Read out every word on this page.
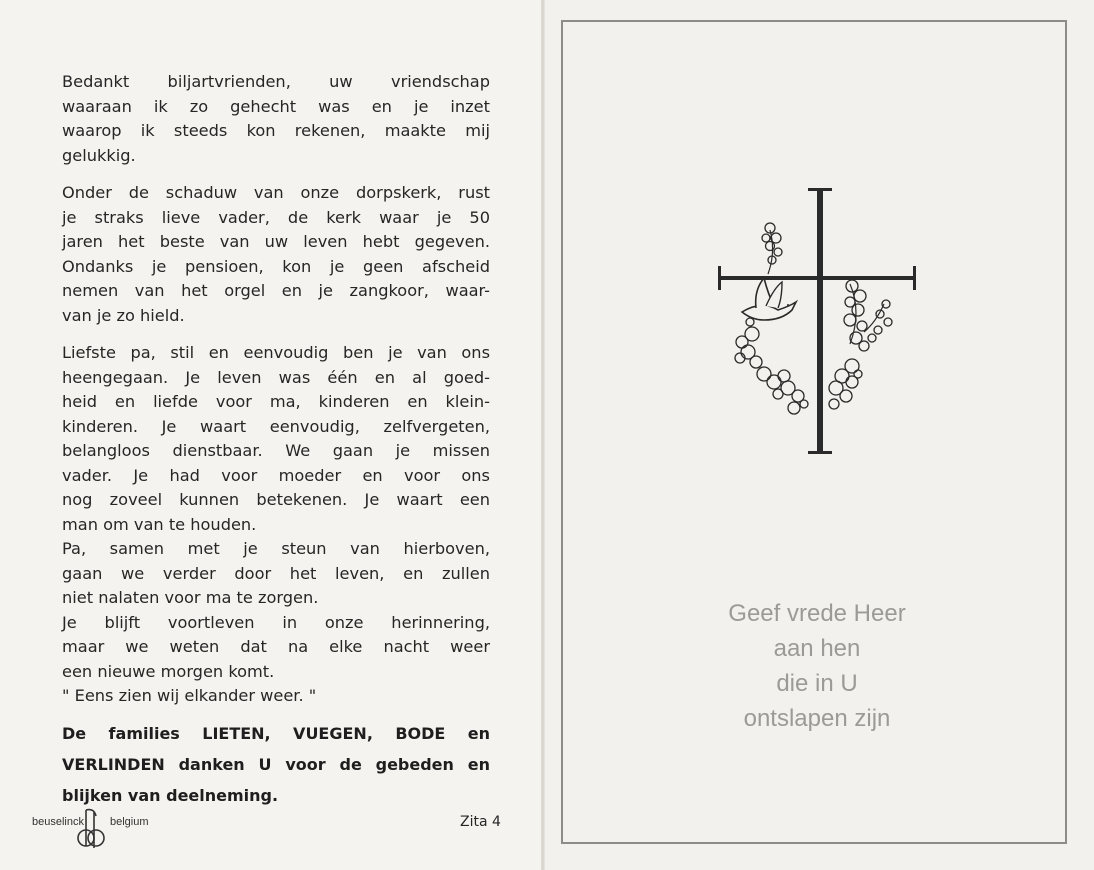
Bedankt biljartvrienden, uw vriendschap
waaraan ik zo gehecht was en je inzet
waarop ik steeds kon rekenen, maakte mij
gelukkig.
Onder de schaduw van onze dorpskerk, rust
je straks lieve vader, de kerk waar je 50
jaren het beste van uw leven hebt gegeven.
Ondanks je pensioen, kon je geen afscheid
nemen van het orgel en je zangkoor, waar-
van je zo hield.
Liefste pa, stil en eenvoudig ben je van ons
heengegaan. Je leven was één en al goed-
heid en liefde voor ma, kinderen en klein-
kinderen. Je waart eenvoudig, zelfvergeten,
belangloos dienstbaar. We gaan je missen
vader. Je had voor moeder en voor ons
nog zoveel kunnen betekenen. Je waart een
man om van te houden.
Pa, samen met je steun van hierboven,
gaan we verder door het leven, en zullen
niet nalaten voor ma te zorgen.
Je blijft voortleven in onze herinnering,
maar we weten dat na elke nacht weer
een nieuwe morgen komt.
" Eens zien wij elkander weer. "
De families LIETEN, VUEGEN, BODE en
VERLINDEN danken U voor de gebeden en
blijken van deelneming.
beuselinck belgium	Zita 4
Geef vrede Heer
aan hen
die in U
ontslapen zijn
